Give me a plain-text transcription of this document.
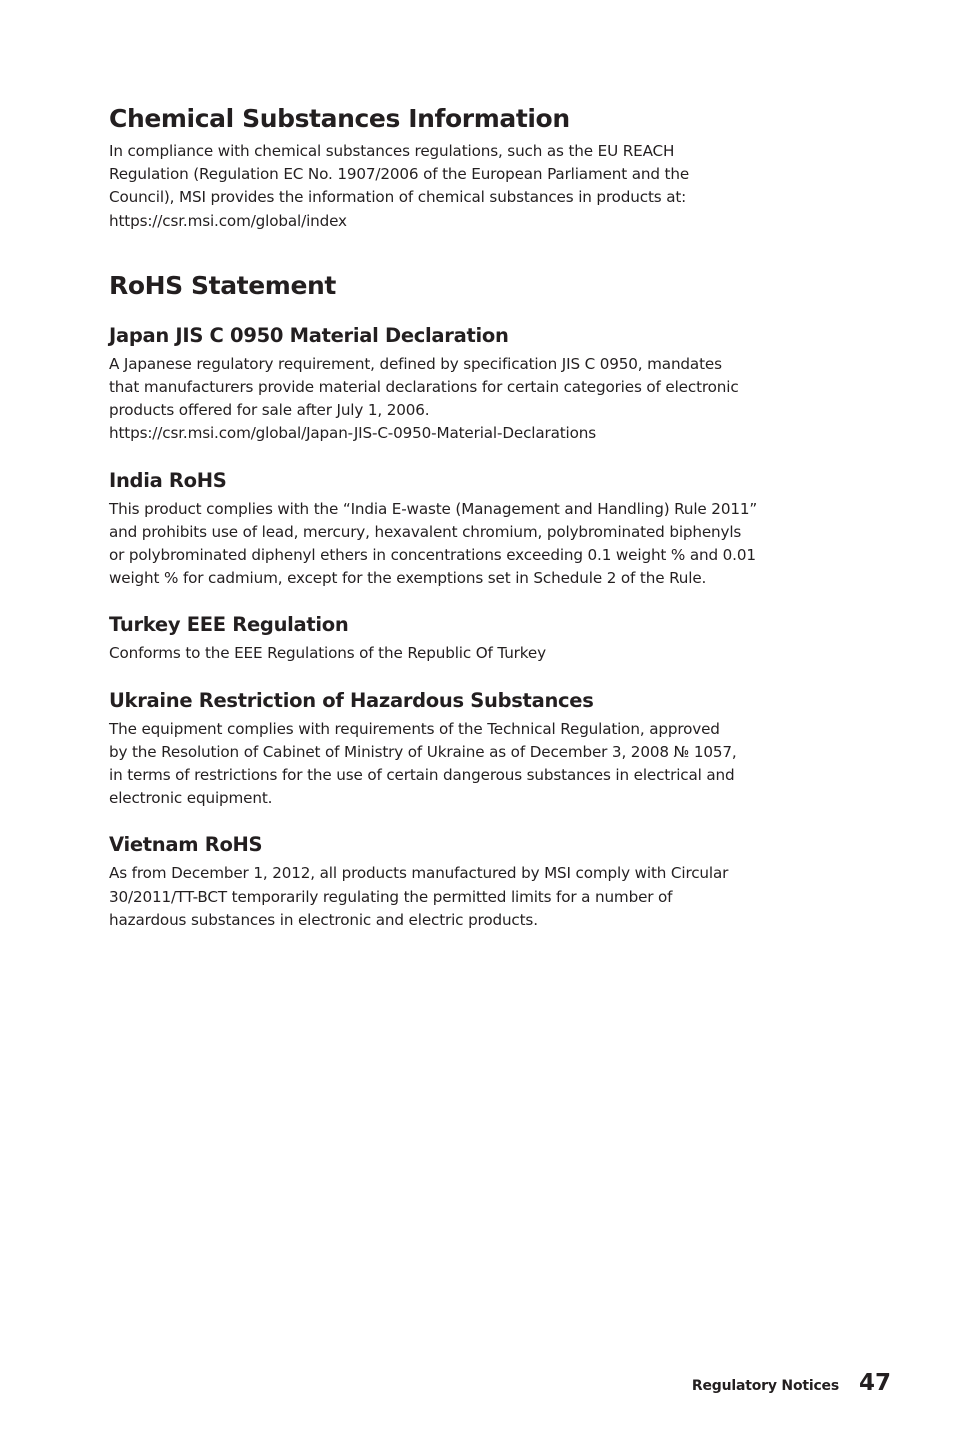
Chemical Substances Information

In compliance with chemical substances regulations, such as the EU REACH
Regulation (Regulation EC No. 1907/2006 of the European Parliament and the
Council), MSI provides the information of chemical substances in products at:
https://csr.msi.com/global/index

RoHS Statement
Japan JIS C 0950 Material Declaration

A Japanese regulatory requirement, defined by specification JIS C 0950, mandates
that manufacturers provide material declarations for certain categories of electronic
products offered for sale after July 1, 2006.
https://csr.msi.com/global/Japan-JIS-C-0950-Material-Declarations

India RoHS

This product complies with the “India E-waste (Management and Handling) Rule 2011”
and prohibits use of lead, mercury, hexavalent chromium, polybrominated biphenyls
or polybrominated diphenyl ethers in concentrations exceeding 0.1 weight % and 0.01
weight % for cadmium, except for the exemptions set in Schedule 2 of the Rule.

Turkey EEE Regulation

Conforms to the EEE Regulations of the Republic Of Turkey

Ukraine Restriction of Hazardous Substances

The equipment complies with requirements of the Technical Regulation, approved
by the Resolution of Cabinet of Ministry of Ukraine as of December 3, 2008 № 1057,
in terms of restrictions for the use of certain dangerous substances in electrical and
electronic equipment.

Vietnam RoHS

As from December 1, 2012, all products manufactured by MSI comply with Circular
30/2011/TT-BCT temporarily regulating the permitted limits for a number of
hazardous substances in electronic and electric products.

Regulatory Notices 47
